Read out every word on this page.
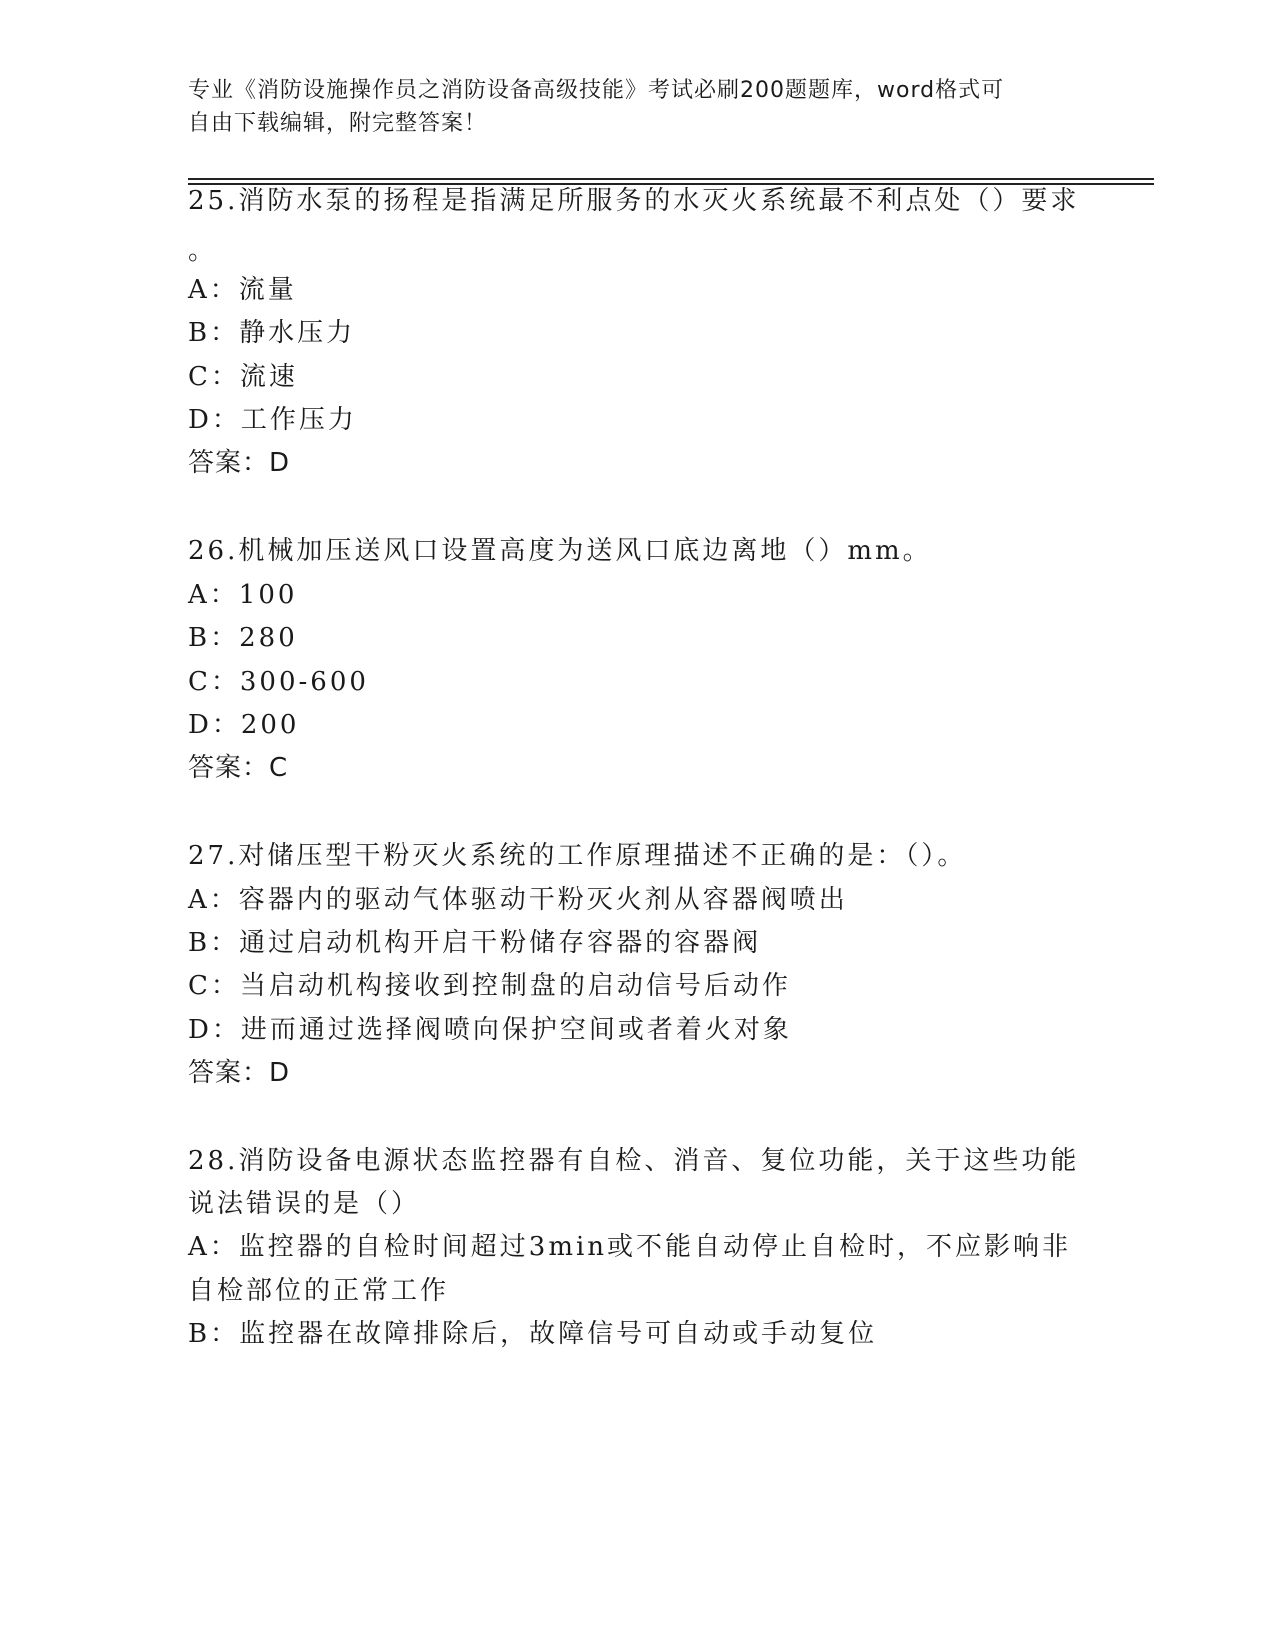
专业《消防设施操作员之消防设备高级技能》考试必刷200题题库，word格式可
自由下载编辑，附完整答案！
25.消防水泵的扬程是指满足所服务的水灭火系统最不利点处（）要求
。
A：流量
B：静水压力
C：流速
D：工作压力
答案：D
26.机械加压送风口设置高度为送风口底边离地（）mm。
A：100
B：280
C：300-600
D：200
答案：C
27.对储压型干粉灭火系统的工作原理描述不正确的是：（）。
A：容器内的驱动气体驱动干粉灭火剂从容器阀喷出
B：通过启动机构开启干粉储存容器的容器阀
C：当启动机构接收到控制盘的启动信号后动作
D：进而通过选择阀喷向保护空间或者着火对象
答案：D
28.消防设备电源状态监控器有自检、消音、复位功能，关于这些功能
说法错误的是（）
A：监控器的自检时间超过3min或不能自动停止自检时，不应影响非
自检部位的正常工作
B：监控器在故障排除后，故障信号可自动或手动复位
